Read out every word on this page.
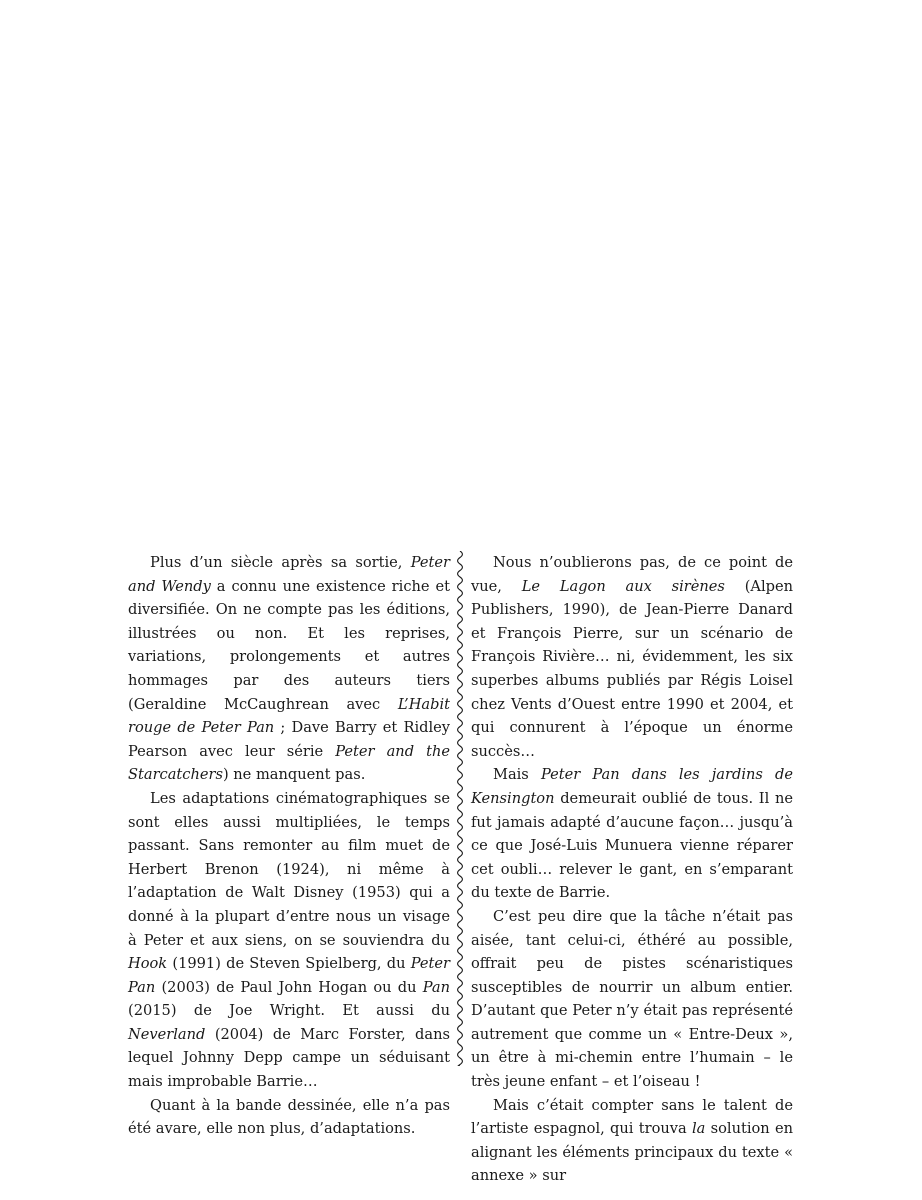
Plus d’un siècle après sa sortie, Peter and Wendy a connu une existence riche et diversifiée. On ne compte pas les éditions, illustrées ou non. Et les reprises, variations, prolongements et autres hommages par des auteurs tiers (Geraldine McCaughrean avec L’Habit rouge de Peter Pan ; Dave Barry et Ridley Pearson avec leur série Peter and the Starcatchers) ne manquent pas.

Les adaptations cinématographiques se sont elles aussi multipliées, le temps passant. Sans remonter au film muet de Herbert Brenon (1924), ni même à l’adaptation de Walt Disney (1953) qui a donné à la plupart d’entre nous un visage à Peter et aux siens, on se souviendra du Hook (1991) de Steven Spielberg, du Peter Pan (2003) de Paul John Hogan ou du Pan (2015) de Joe Wright. Et aussi du Neverland (2004) de Marc Forster, dans lequel Johnny Depp campe un séduisant mais improbable Barrie…

Quant à la bande dessinée, elle n’a pas été avare, elle non plus, d’adaptations.

Nous n’oublierons pas, de ce point de vue, Le Lagon aux sirènes (Alpen Publishers, 1990), de Jean-Pierre Danard et François Pierre, sur un scénario de François Rivière… ni, évidemment, les six superbes albums publiés par Régis Loisel chez Vents d’Ouest entre 1990 et 2004, et qui connurent à l’époque un énorme succès…

Mais Peter Pan dans les jardins de Kensington demeurait oublié de tous. Il ne fut jamais adapté d’aucune façon… jusqu’à ce que José-Luis Munuera vienne réparer cet oubli… relever le gant, en s’emparant du texte de Barrie.

C’est peu dire que la tâche n’était pas aisée, tant celui-ci, éthéré au possible, offrait peu de pistes scénaristiques susceptibles de nourrir un album entier. D’autant que Peter n’y était pas représenté autrement que comme un « Entre-Deux », un être à mi-chemin entre l’humain – le très jeune enfant – et l’oiseau !

Mais c’était compter sans le talent de l’artiste espagnol, qui trouva la solution en alignant les éléments principaux du texte « annexe » sur
